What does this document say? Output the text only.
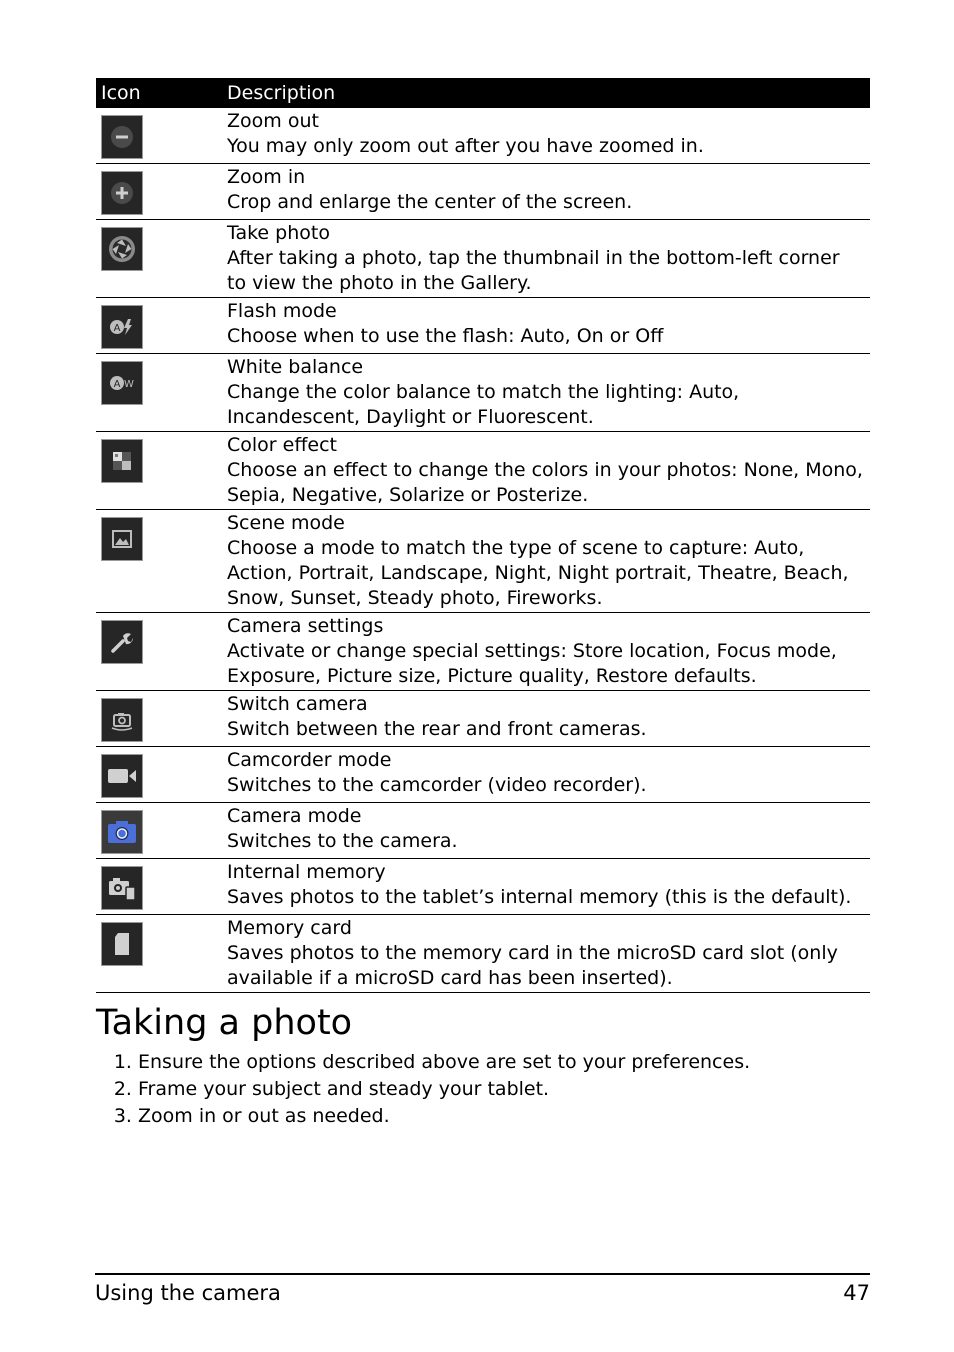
Icon	Description

Zoom out
You may only zoom out after you have zoomed in.

Zoom in
Crop and enlarge the center of the screen.

Take photo
After taking a photo, tap the thumbnail in the bottom-left corner
to view the photo in the Gallery.

A	Flash mode
Choose when to use the flash: Auto, On or Off

A W	White balance
Change the color balance to match the lighting: Auto,
Incandescent, Daylight or Fluorescent.

Color effect
Choose an effect to change the colors in your photos: None, Mono,
Sepia, Negative, Solarize or Posterize.

Scene mode
Choose a mode to match the type of scene to capture: Auto,
Action, Portrait, Landscape, Night, Night portrait, Theatre, Beach,
Snow, Sunset, Steady photo, Fireworks.

Camera settings
Activate or change special settings: Store location, Focus mode,
Exposure, Picture size, Picture quality, Restore defaults.

Switch camera
Switch between the rear and front cameras.

Camcorder mode
Switches to the camcorder (video recorder).

Camera mode
Switches to the camera.

Internal memory
Saves photos to the tablet’s internal memory (this is the default).

Memory card
Saves photos to the memory card in the microSD card slot (only
available if a microSD card has been inserted).
Taking a photo
1. Ensure the options described above are set to your preferences.
2. Frame your subject and steady your tablet.
3. Zoom in or out as needed.
Using the camera	47
